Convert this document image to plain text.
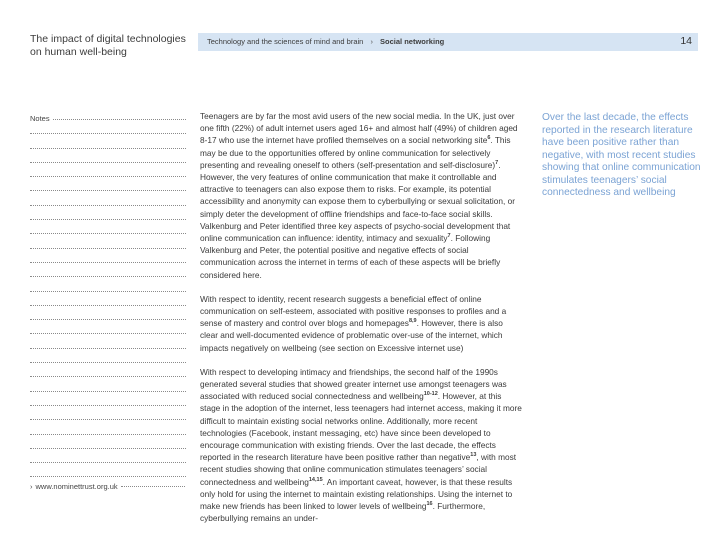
The impact of digital technologies
on human well-being
Technology and the sciences of mind and brain › Social networking	14
Notes
› www.nominettrust.org.uk

Teenagers are by far the most avid users of the new social media. In the UK, just over one fifth (22%) of adult internet users aged 16+ and almost half (49%) of children aged 8-17 who use the internet have profiled themselves on a social networking site$^6$. This may be due to the opportunities offered by online communication for selectively presenting and revealing oneself to others (self-presentation and self-disclosure)$^7$. However, the very features of online communication that make it controllable and attractive to teenagers can also expose them to risks. For example, its potential accessibility and anonymity can expose them to cyberbullying or sexual solicitation, or simply deter the development of offline friendships and face-to-face social skills. Valkenburg and Peter identified three key aspects of psycho-social development that online communication can influence: identity, intimacy and sexuality$^7$. Following Valkenburg and Peter, the potential positive and negative effects of social communication across the internet in terms of each of these aspects will be briefly considered here.

With respect to identity, recent research suggests a beneficial effect of online communication on self-esteem, associated with positive responses to profiles and a sense of mastery and control over blogs and homepages$^{8,9}$. However, there is also clear and well-documented evidence of problematic over-use of the internet, which impacts negatively on wellbeing (see section on Excessive internet use)

With respect to developing intimacy and friendships, the second half of the 1990s generated several studies that showed greater internet use amongst teenagers was associated with reduced social connectedness and wellbeing$^{10-12}$. However, at this stage in the adoption of the internet, less teenagers had internet access, making it more difficult to maintain existing social networks online. Additionally, more recent technologies (Facebook, instant messaging, etc) have since been developed to encourage communication with existing friends. Over the last decade, the effects reported in the research literature have been positive rather than negative$^{13}$, with most recent studies showing that online communication stimulates teenagers’ social connectedness and wellbeing$^{14,15}$. An important caveat, however, is that these results only hold for using the internet to maintain existing relationships. Using the internet to make new friends has been linked to lower levels of wellbeing$^{16}$. Furthermore, cyberbullying remains an under-

Over the last decade, the effects reported in the research literature have been positive rather than negative, with most recent studies showing that online communication stimulates teenagers’ social connectedness and wellbeing
